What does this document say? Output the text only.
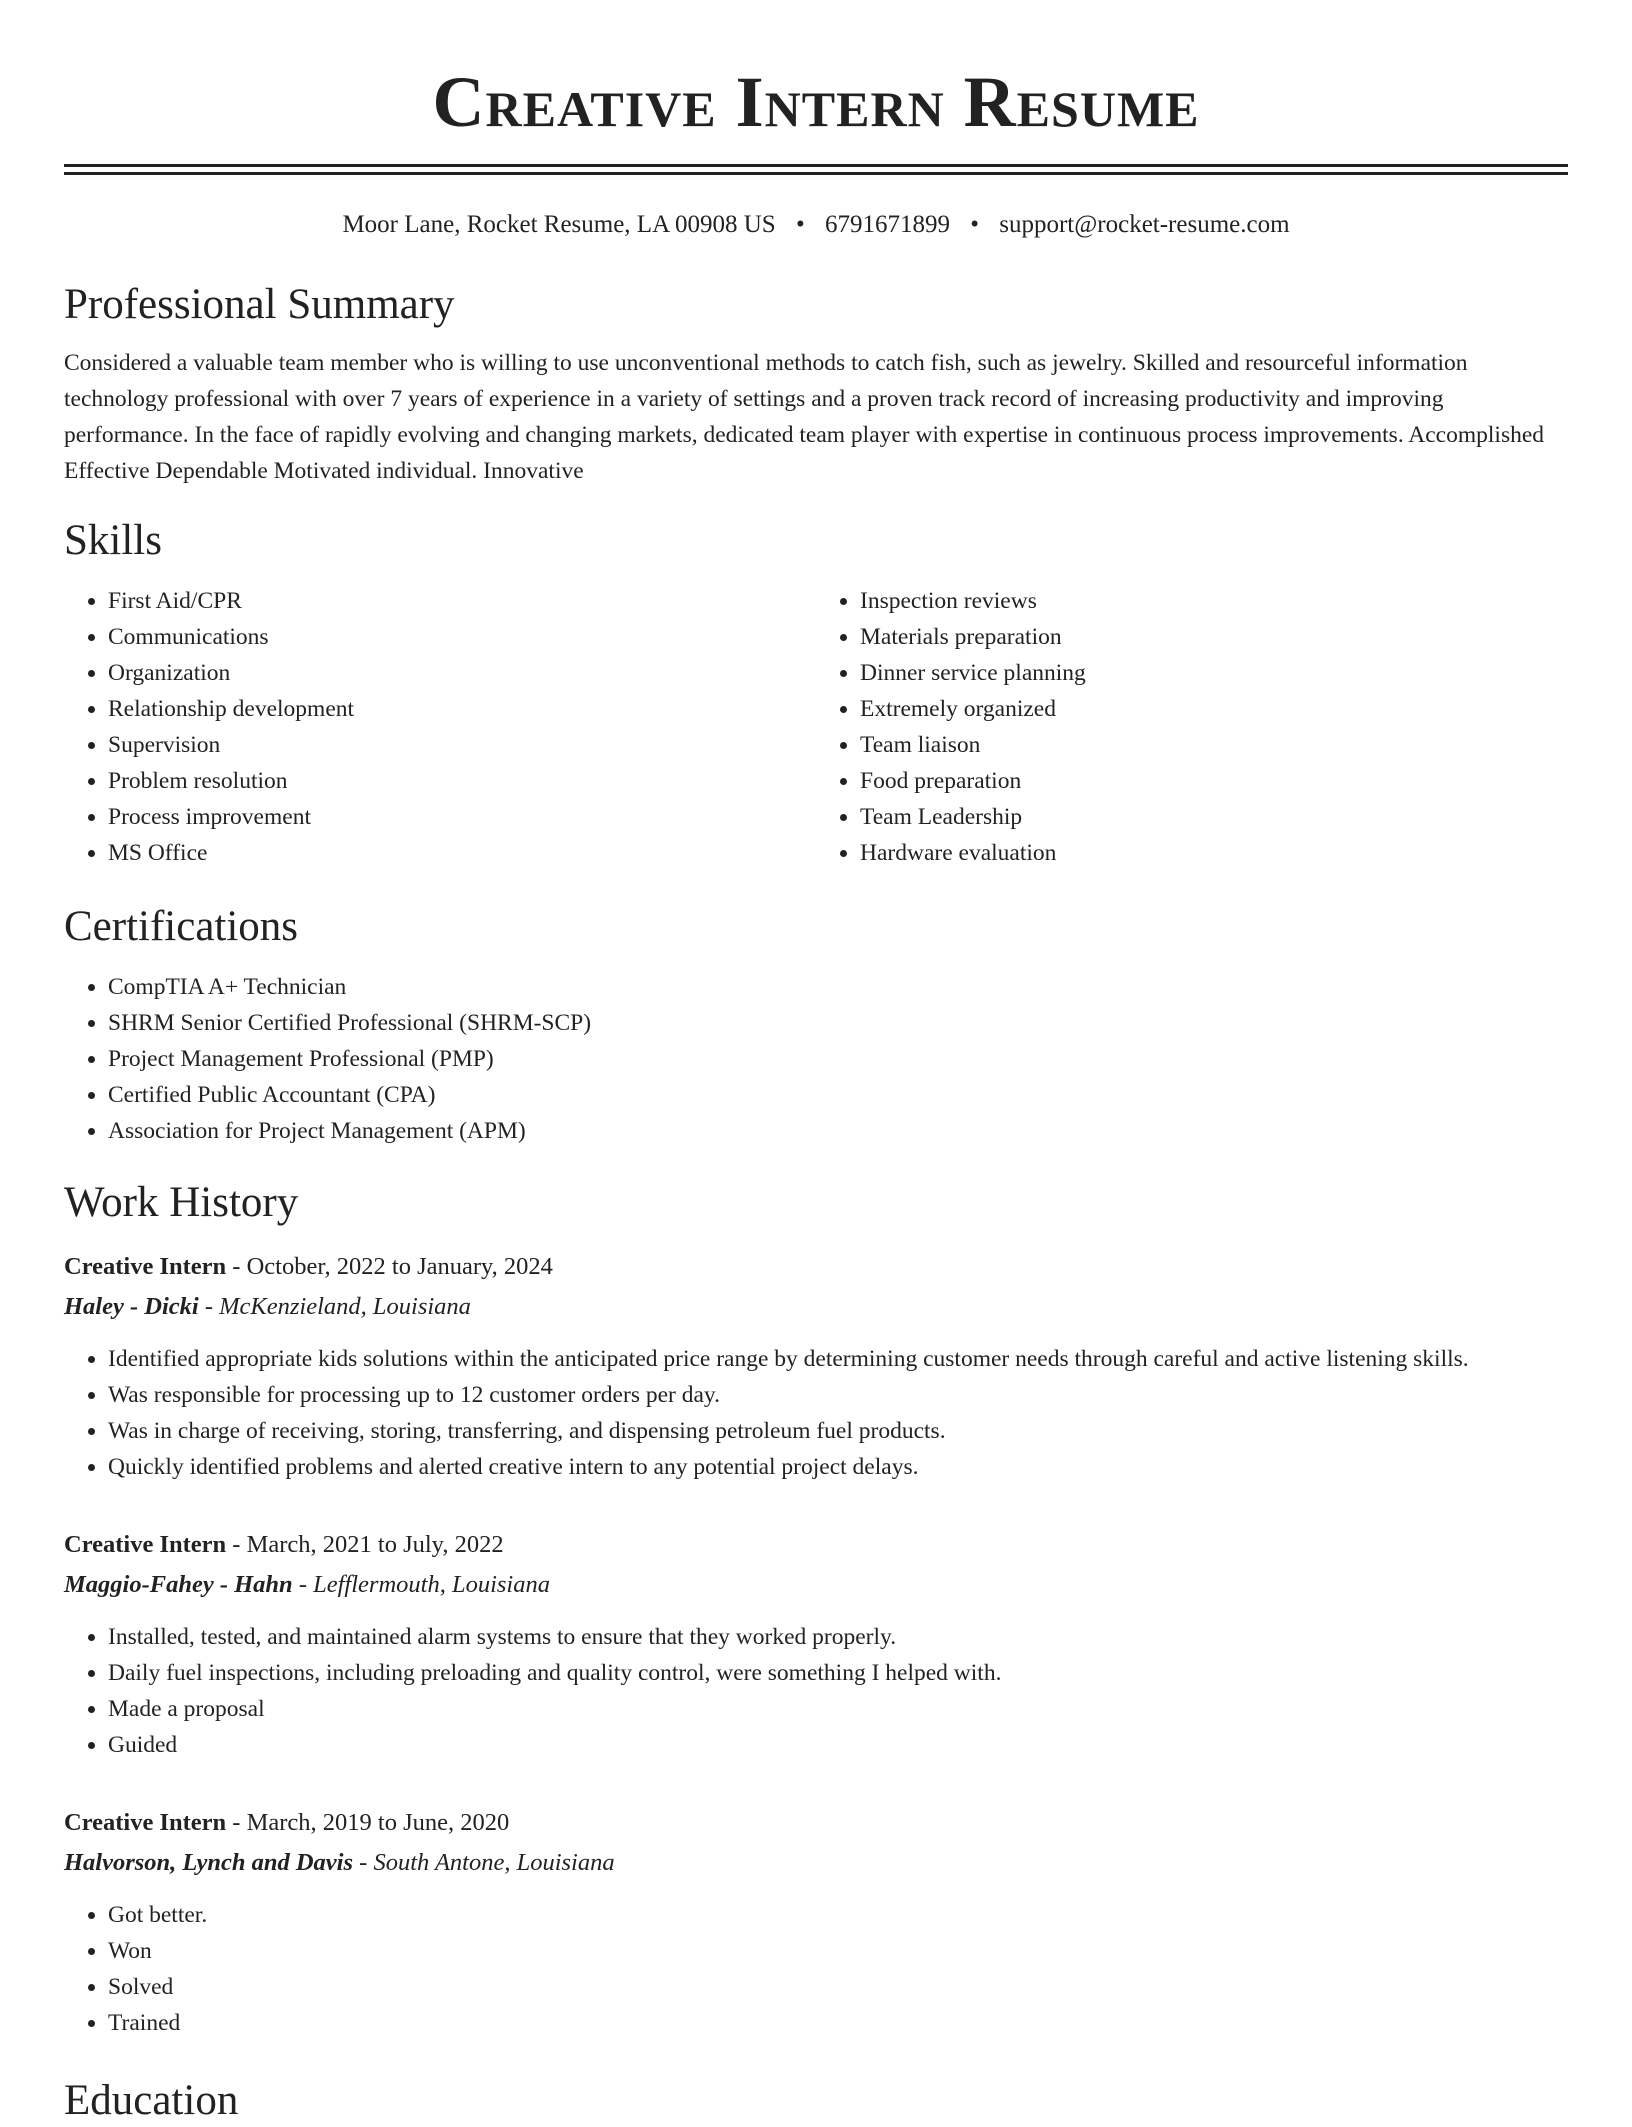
Creative Intern Resume
Moor Lane, Rocket Resume, LA 00908 US • 6791671899 • support@rocket-resume.com
Professional Summary
Considered a valuable team member who is willing to use unconventional methods to catch fish, such as jewelry. Skilled and resourceful information technology professional with over 7 years of experience in a variety of settings and a proven track record of increasing productivity and improving performance. In the face of rapidly evolving and changing markets, dedicated team player with expertise in continuous process improvements. Accomplished Effective Dependable Motivated individual. Innovative
Skills
• First Aid/CPR
• Communications
• Organization
• Relationship development
• Supervision
• Problem resolution
• Process improvement
• MS Office
• Inspection reviews
• Materials preparation
• Dinner service planning
• Extremely organized
• Team liaison
• Food preparation
• Team Leadership
• Hardware evaluation
Certifications
• CompTIA A+ Technician
• SHRM Senior Certified Professional (SHRM-SCP)
• Project Management Professional (PMP)
• Certified Public Accountant (CPA)
• Association for Project Management (APM)
Work History
Creative Intern - October, 2022 to January, 2024
Haley - Dicki - McKenzieland, Louisiana
• Identified appropriate kids solutions within the anticipated price range by determining customer needs through careful and active listening skills.
• Was responsible for processing up to 12 customer orders per day.
• Was in charge of receiving, storing, transferring, and dispensing petroleum fuel products.
• Quickly identified problems and alerted creative intern to any potential project delays.
Creative Intern - March, 2021 to July, 2022
Maggio-Fahey - Hahn - Lefflermouth, Louisiana
• Installed, tested, and maintained alarm systems to ensure that they worked properly.
• Daily fuel inspections, including preloading and quality control, were something I helped with.
• Made a proposal
• Guided
Creative Intern - March, 2019 to June, 2020
Halvorson, Lynch and Davis - South Antone, Louisiana
• Got better.
• Won
• Solved
• Trained
Education
